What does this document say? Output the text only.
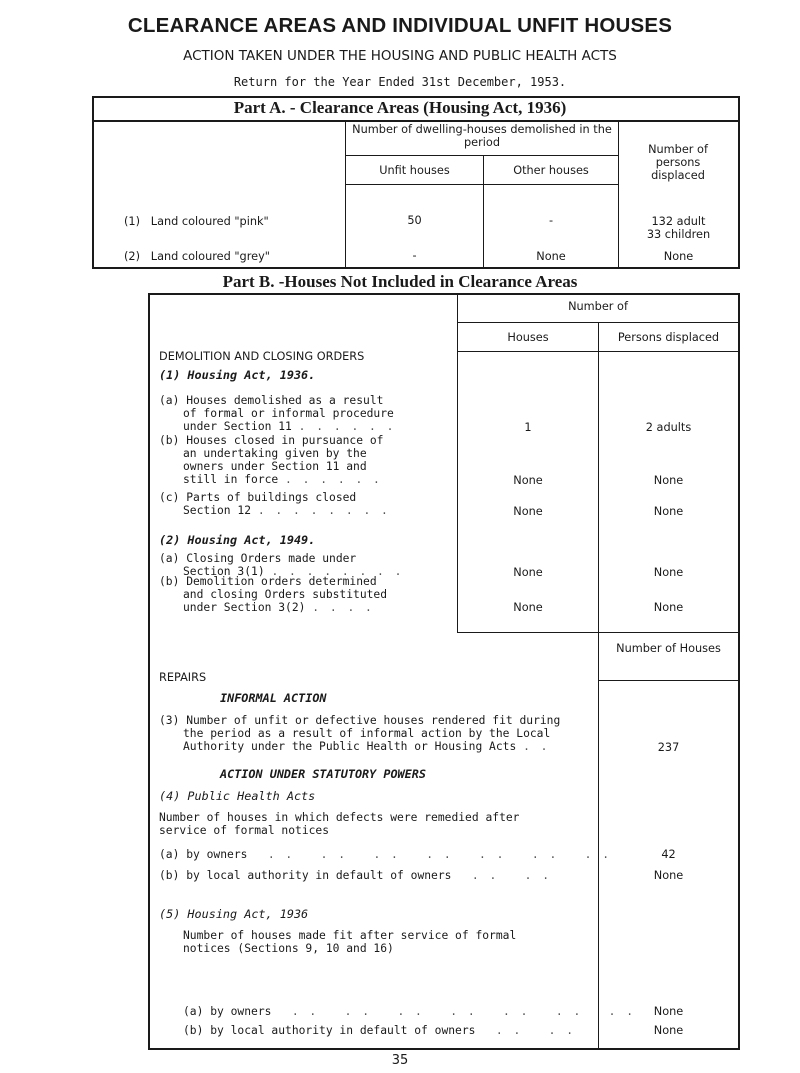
CLEARANCE AREAS AND INDIVIDUAL UNFIT HOUSES
ACTION TAKEN UNDER THE HOUSING AND PUBLIC HEALTH ACTS
Return for the Year Ended 31st December, 1953.
Part A. - Clearance Areas (Housing Act, 1936)
Number of dwelling-houses demolished in the period
Unfit houses	Other houses
Number of persons displaced
(1)   Land coloured "pink"	50	-	132 adult
33 children
(2)   Land coloured "grey"	-	None	None
Part B. -Houses Not Included in Clearance Areas
Number of
Houses	Persons displaced
DEMOLITION AND CLOSING ORDERS
(1) Housing Act, 1936.
(a) Houses demolished as a result
of formal or informal procedure
under Section 11 . . . . . .	1	2 adults
(b) Houses closed in pursuance of
an undertaking given by the
owners under Section 11 and
still in force . . . . . .	None	None
(c) Parts of buildings closed
Section 12 . . . . . . . .	None	None
(2) Housing Act, 1949.
(a) Closing Orders made under
Section 3(1) . . . . . . . .	None	None
(b) Demolition orders determined
and closing Orders substituted
under Section 3(2) . . . .	None	None
Number of Houses
REPAIRS
INFORMAL ACTION
(3) Number of unfit or defective houses rendered fit during
the period as a result of informal action by the Local
Authority under the Public Health or Housing Acts . .	237
ACTION UNDER STATUTORY POWERS
(4) Public Health Acts
Number of houses in which defects were remedied after
service of formal notices
(a) by owners . .   . .   . .   . .   . .   . .   . .	42
(b) by local authority in default of owners . .   . .	None
(5) Housing Act, 1936
Number of houses made fit after service of formal
notices (Sections 9, 10 and 16)
(a) by owners . .   . .   . .   . .   . .   . .   . .	None
(b) by local authority in default of owners . .   . .	None
35
